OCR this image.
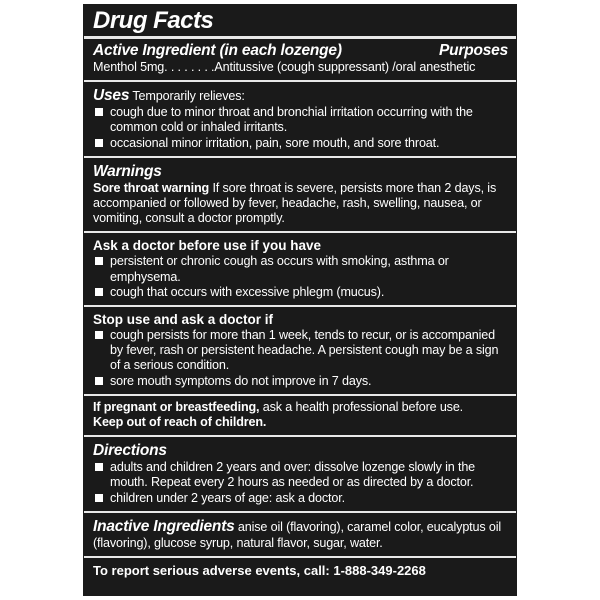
Drug Facts
Active Ingredient (in each lozenge)	Purposes
Menthol 5mg. . . . . . . .Antitussive (cough suppressant) /oral anesthetic
Uses Temporarily relieves:
cough due to minor throat and bronchial irritation occurring with the common cold or inhaled irritants.
occasional minor irritation, pain, sore mouth, and sore throat.
Warnings
Sore throat warning If sore throat is severe, persists more than 2 days, is accompanied or followed by fever, headache, rash, swelling, nausea, or vomiting, consult a doctor promptly.
Ask a doctor before use if you have
persistent or chronic cough as occurs with smoking, asthma or emphysema.
cough that occurs with excessive phlegm (mucus).
Stop use and ask a doctor if
cough persists for more than 1 week, tends to recur, or is accompanied by fever, rash or persistent headache. A persistent cough may be a sign of a serious condition.
sore mouth symptoms do not improve in 7 days.
If pregnant or breastfeeding, ask a health professional before use.
Keep out of reach of children.
Directions
adults and children 2 years and over: dissolve lozenge slowly in the mouth. Repeat every 2 hours as needed or as directed by a doctor.
children under 2 years of age: ask a doctor.
Inactive Ingredients anise oil (flavoring), caramel color, eucalyptus oil (flavoring), glucose syrup, natural flavor, sugar, water.
To report serious adverse events, call: 1-888-349-2268
